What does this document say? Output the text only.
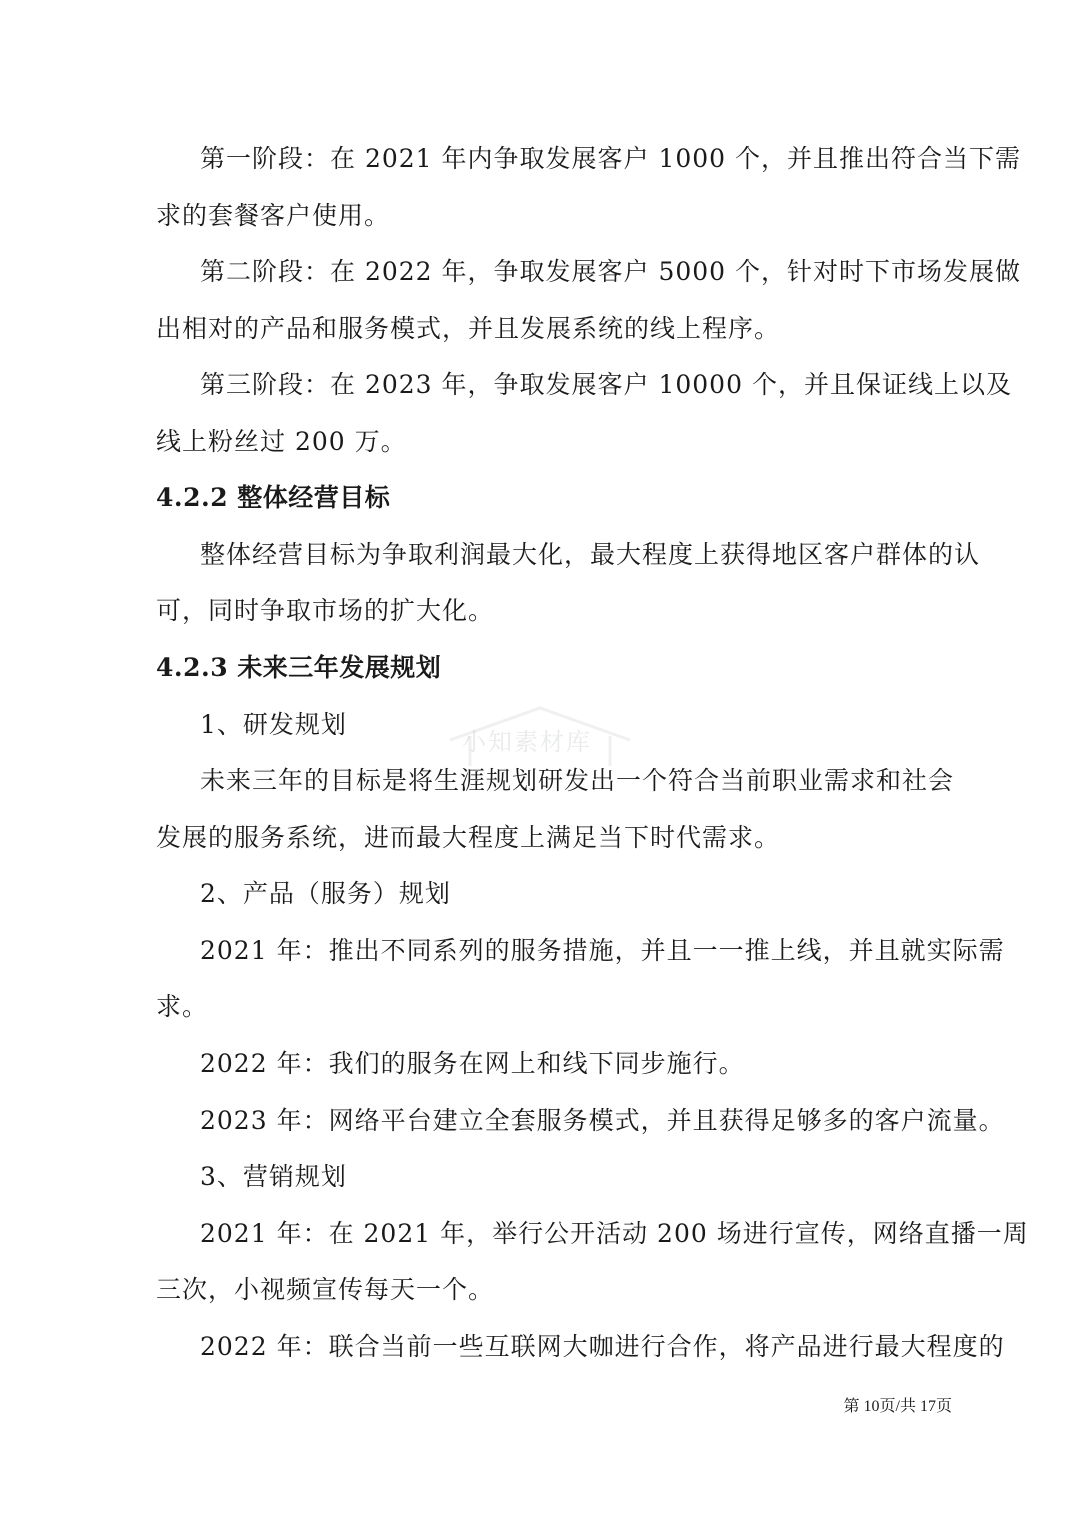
第一阶段：在 2021 年内争取发展客户 1000 个，并且推出符合当下需
求的套餐客户使用。
第二阶段：在 2022 年，争取发展客户 5000 个，针对时下市场发展做
出相对的产品和服务模式，并且发展系统的线上程序。
第三阶段：在 2023 年，争取发展客户 10000 个，并且保证线上以及
线上粉丝过 200 万。
4.2.2 整体经营目标
整体经营目标为争取利润最大化，最大程度上获得地区客户群体的认
可，同时争取市场的扩大化。
4.2.3 未来三年发展规划
1、研发规划
未来三年的目标是将生涯规划研发出一个符合当前职业需求和社会
发展的服务系统，进而最大程度上满足当下时代需求。
2、产品（服务）规划
2021 年：推出不同系列的服务措施，并且一一推上线，并且就实际需
求。
2022 年：我们的服务在网上和线下同步施行。
2023 年：网络平台建立全套服务模式，并且获得足够多的客户流量。
3、营销规划
2021 年：在 2021 年，举行公开活动 200 场进行宣传，网络直播一周
三次，小视频宣传每天一个。
2022 年：联合当前一些互联网大咖进行合作，将产品进行最大程度的
小知素材库
第 10页/共 17页
